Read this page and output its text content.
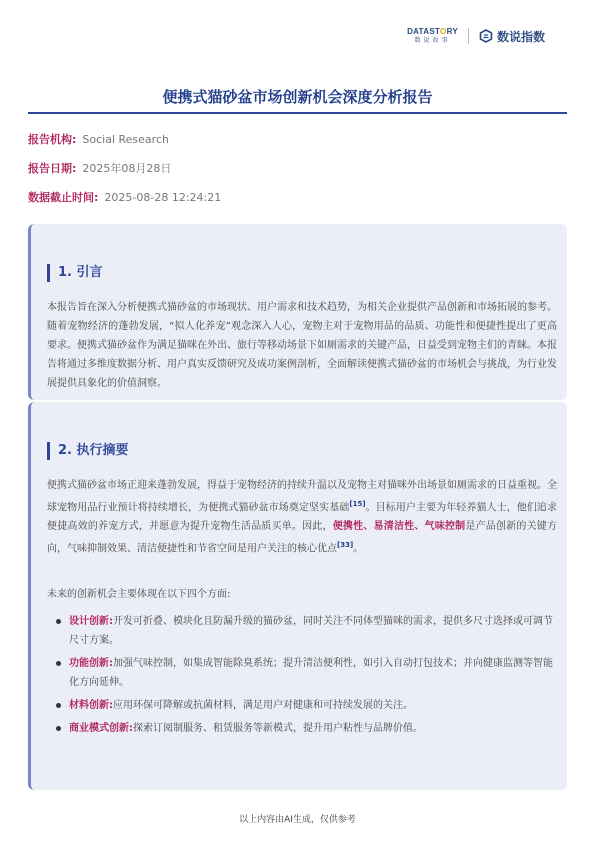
DATASTORY
数说故事	数说指数
便携式猫砂盆市场创新机会深度分析报告
报告机构: Social Research
报告日期: 2025年08月28日
数据截止时间: 2025-08-28 12:24:21
1. 引言

本报告旨在深入分析便携式猫砂盆的市场现状、用户需求和技术趋势，为相关企业提供产品创新和市场拓展的参考。随着宠物经济的蓬勃发展，“拟人化养宠”观念深入人心，宠物主对于宠物用品的品质、功能性和便捷性提出了更高要求。便携式猫砂盆作为满足猫咪在外出、旅行等移动场景下如厕需求的关键产品，日益受到宠物主们的青睐。本报告将通过多维度数据分析、用户真实反馈研究及成功案例剖析，全面解读便携式猫砂盆的市场机会与挑战，为行业发展提供具象化的价值洞察。

2. 执行摘要

便携式猫砂盆市场正迎来蓬勃发展，得益于宠物经济的持续升温以及宠物主对猫咪外出场景如厕需求的日益重视。全球宠物用品行业预计将持续增长，为便携式猫砂盆市场奠定坚实基础[15]。目标用户主要为年轻养猫人士，他们追求便捷高效的养宠方式，并愿意为提升宠物生活品质买单。因此，便携性、易清洁性、气味控制是产品创新的关键方向，气味抑制效果、清洁便捷性和节省空间是用户关注的核心优点[33]。

未来的创新机会主要体现在以下四个方面:

设计创新:开发可折叠、模块化且防漏升级的猫砂盆，同时关注不同体型猫咪的需求，提供多尺寸选择或可调节尺寸方案。
功能创新:加强气味控制，如集成智能除臭系统；提升清洁便利性，如引入自动打包技术；并向健康监测等智能化方向延伸。
材料创新:应用环保可降解或抗菌材料，满足用户对健康和可持续发展的关注。
商业模式创新:探索订阅制服务、租赁服务等新模式，提升用户粘性与品牌价值。
以上内容由AI生成，仅供参考
